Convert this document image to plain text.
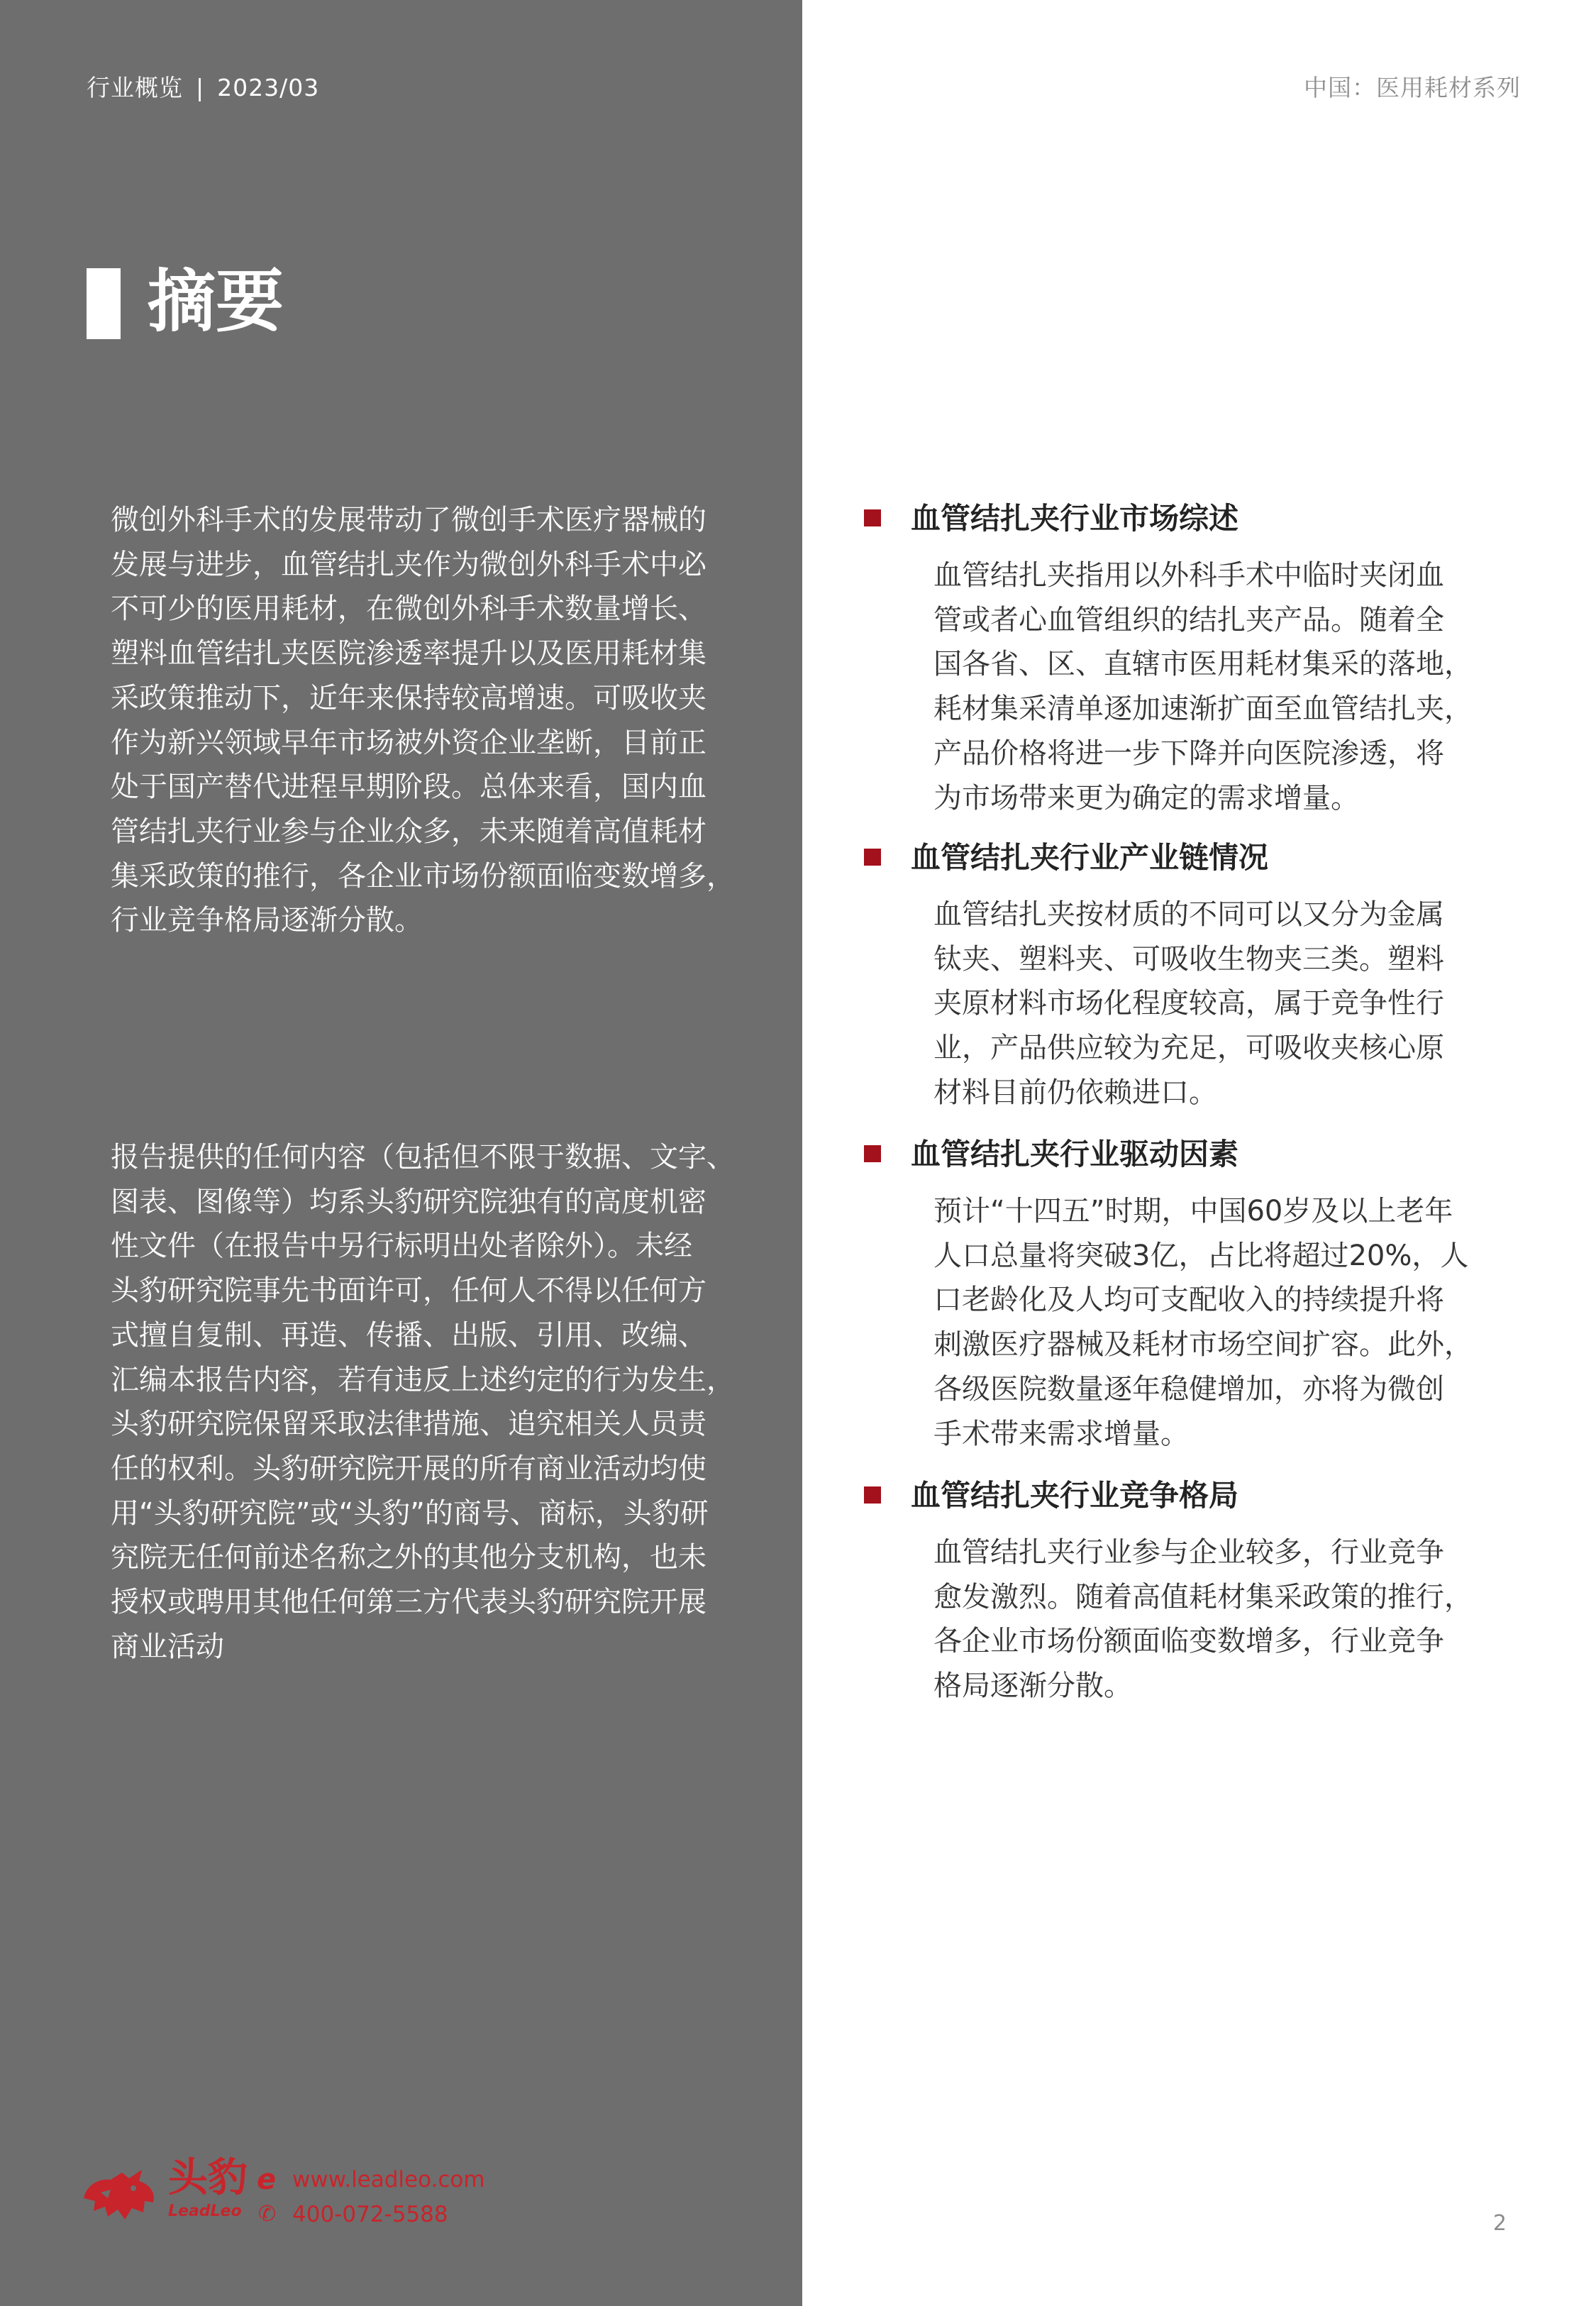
行业概览 | 2023/03	中国：医用耗材系列
摘要
微创外科手术的发展带动了微创手术医疗器械的
发展与进步，血管结扎夹作为微创外科手术中必
不可少的医用耗材，在微创外科手术数量增长、
塑料血管结扎夹医院渗透率提升以及医用耗材集
采政策推动下，近年来保持较高增速。可吸收夹
作为新兴领域早年市场被外资企业垄断，目前正
处于国产替代进程早期阶段。总体来看，国内血
管结扎夹行业参与企业众多，未来随着高值耗材
集采政策的推行，各企业市场份额面临变数增多，
行业竞争格局逐渐分散。
报告提供的任何内容（包括但不限于数据、文字、
图表、图像等）均系头豹研究院独有的高度机密
性文件（在报告中另行标明出处者除外）。未经
头豹研究院事先书面许可，任何人不得以任何方
式擅自复制、再造、传播、出版、引用、改编、
汇编本报告内容，若有违反上述约定的行为发生，
头豹研究院保留采取法律措施、追究相关人员责
任的权利。头豹研究院开展的所有商业活动均使
用“头豹研究院”或“头豹”的商号、商标，头豹研
究院无任何前述名称之外的其他分支机构，也未
授权或聘用其他任何第三方代表头豹研究院开展
商业活动
血管结扎夹行业市场综述
血管结扎夹指用以外科手术中临时夹闭血
管或者心血管组织的结扎夹产品。随着全
国各省、区、直辖市医用耗材集采的落地，
耗材集采清单逐加速渐扩面至血管结扎夹，
产品价格将进一步下降并向医院渗透，将
为市场带来更为确定的需求增量。
血管结扎夹行业产业链情况
血管结扎夹按材质的不同可以又分为金属
钛夹、塑料夹、可吸收生物夹三类。塑料
夹原材料市场化程度较高，属于竞争性行
业，产品供应较为充足，可吸收夹核心原
材料目前仍依赖进口。
血管结扎夹行业驱动因素
预计“十四五”时期，中国60岁及以上老年
人口总量将突破3亿，占比将超过20%，人
口老龄化及人均可支配收入的持续提升将
刺激医疗器械及耗材市场空间扩容。此外，
各级医院数量逐年稳健增加，亦将为微创
手术带来需求增量。
血管结扎夹行业竞争格局
血管结扎夹行业参与企业较多，行业竞争
愈发激烈。随着高值耗材集采政策的推行，
各企业市场份额面临变数增多，行业竞争
格局逐渐分散。
头豹
LeadLeo
e www.leadleo.com
✆ 400-072-5588	2
